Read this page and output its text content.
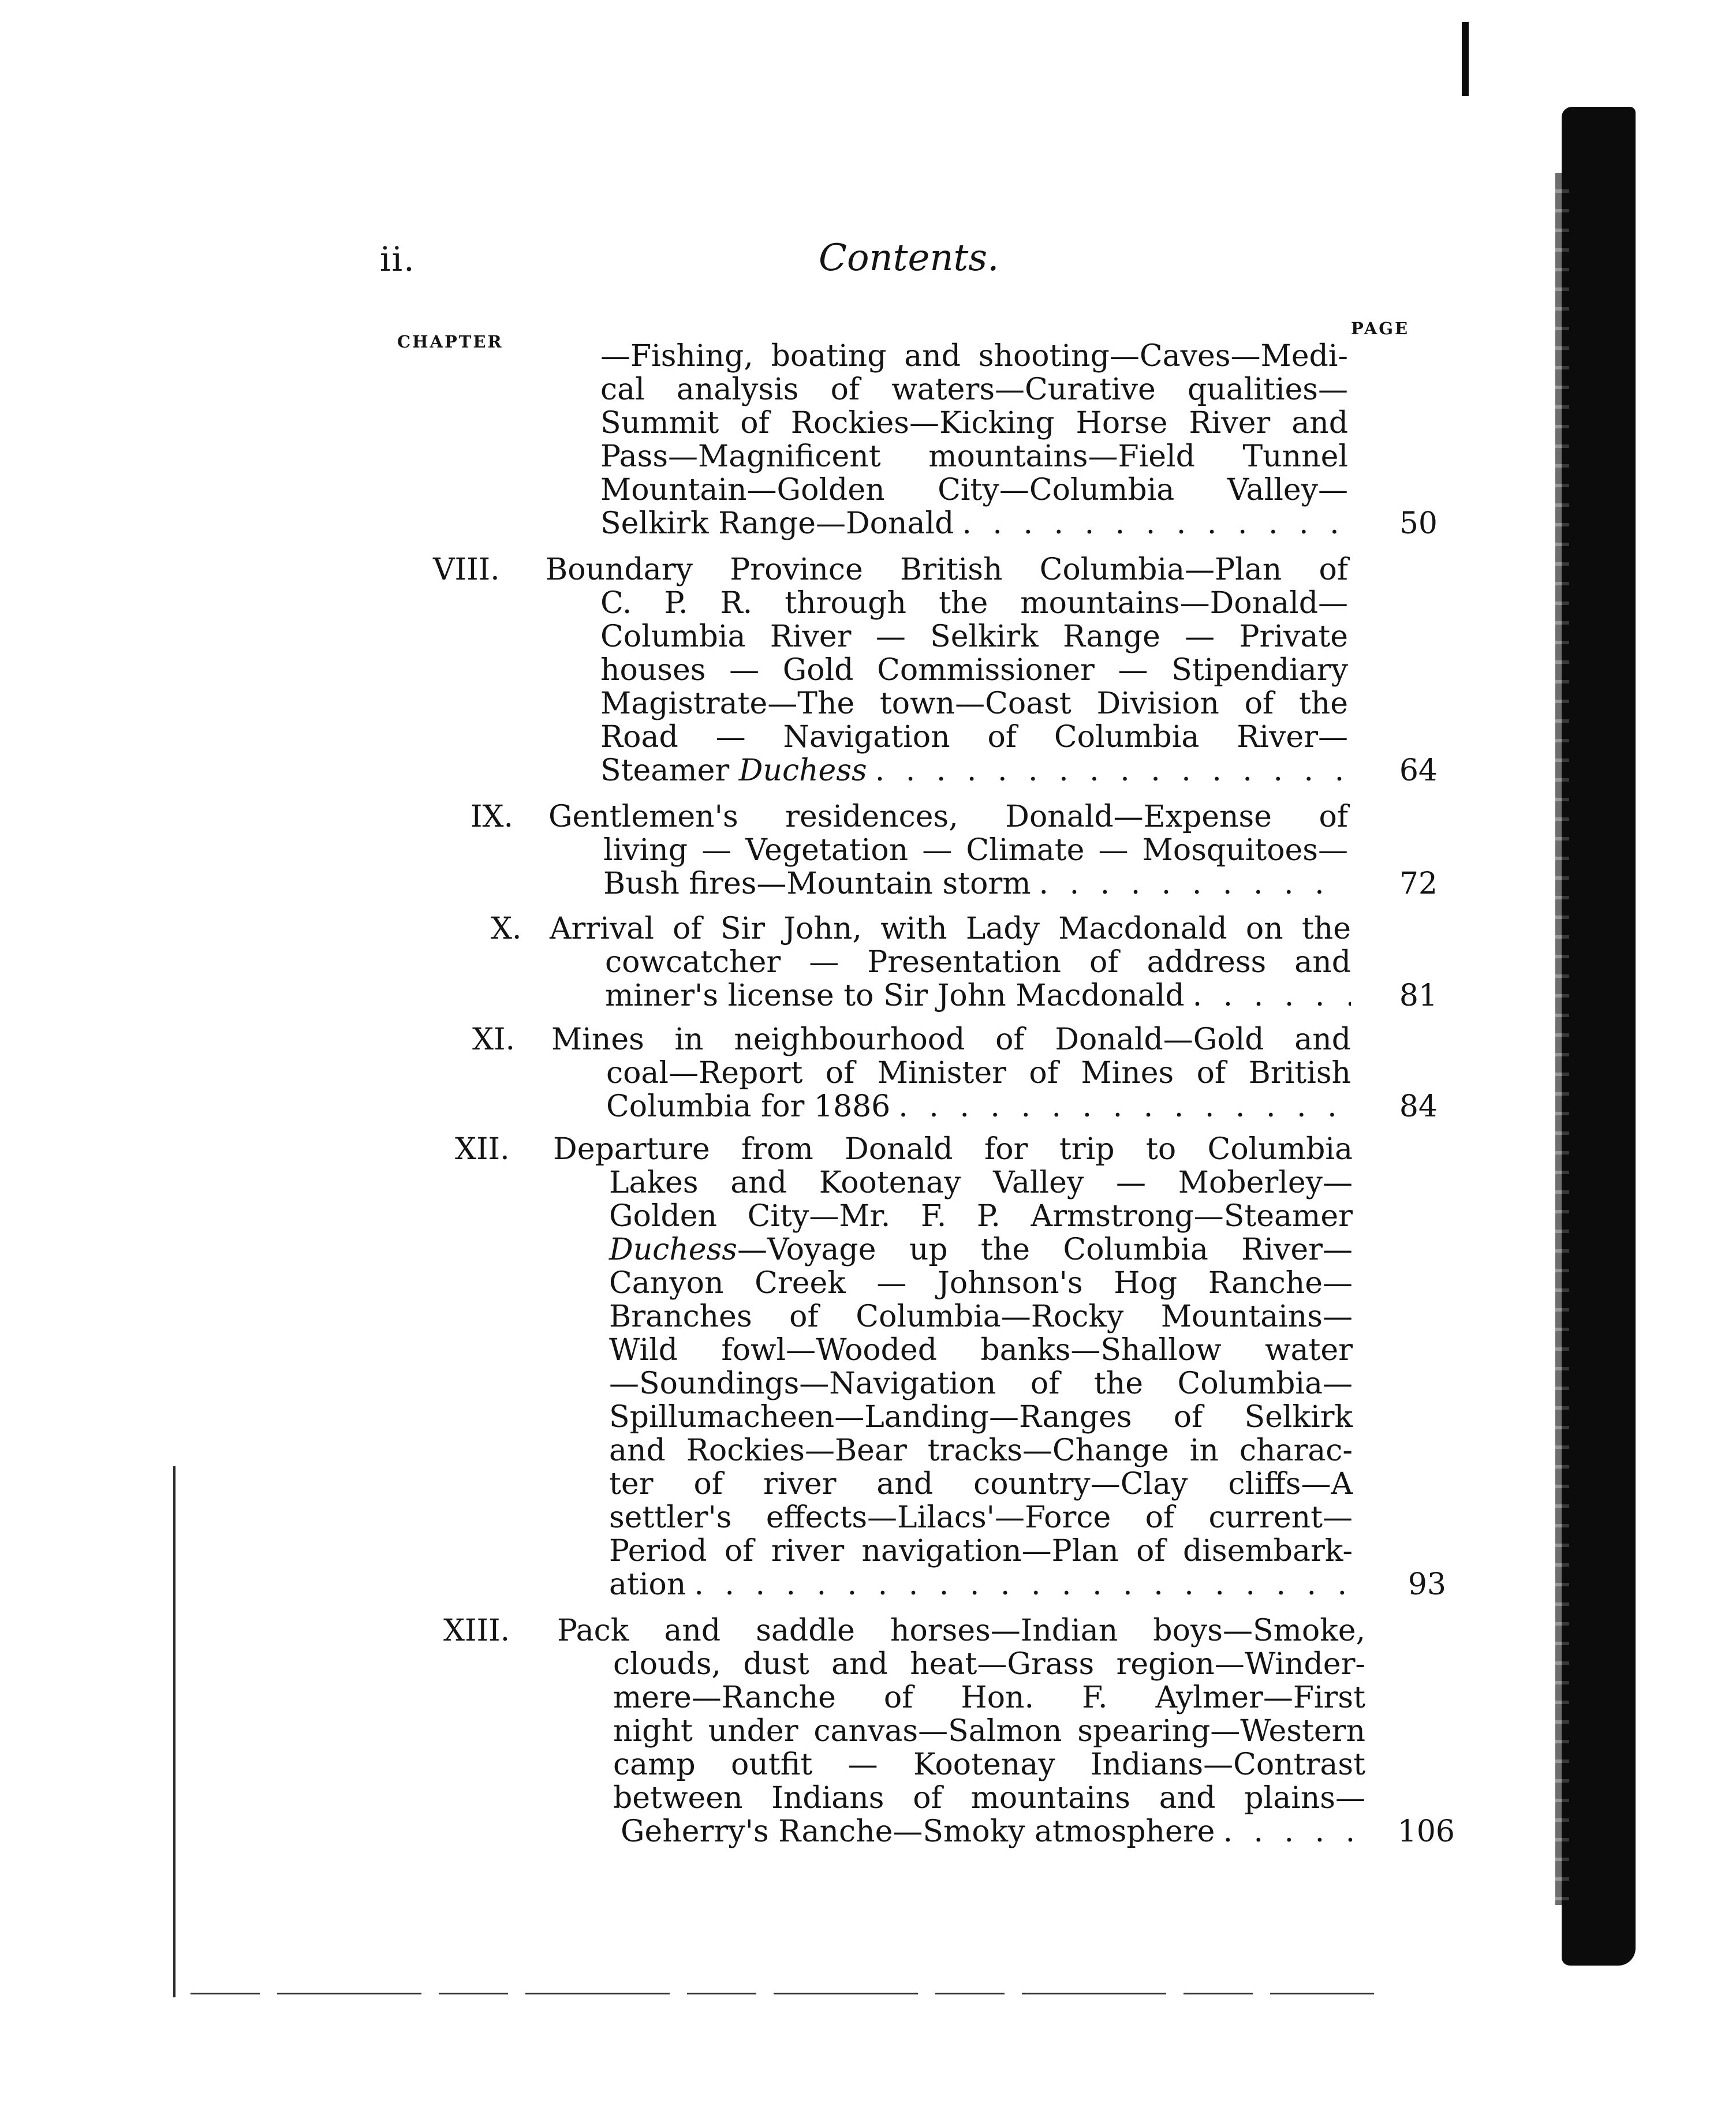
ii.	Contents.
CHAPTER
PAGE
—Fishing, boating and shooting—Caves—Medi-
cal analysis of waters—Curative qualities—
Summit of Rockies—Kicking Horse River and
Pass—Magnificent mountains—Field Tunnel
Mountain—Golden City—Columbia Valley—
Selkirk Range—Donald . . .	50
VIII. Boundary Province British Columbia—Plan of
C. P. R. through the mountains—Donald—
Columbia River — Selkirk Range — Private
houses — Gold Commissioner — Stipendiary
Magistrate—The town—Coast Division of the
Road — Navigation of Columbia River—
Steamer
Duchess . . .	64
IX. Gentlemen's residences, Donald—Expense of
living — Vegetation — Climate — Mosquitoes—
Bush fires—Mountain storm . . .	72
X. Arrival of Sir John, with Lady Macdonald on the
cowcatcher — Presentation of address and
miner's license to Sir John Macdonald . . .	81
XI. Mines in neighbourhood of Donald—Gold and
coal—Report of Minister of Mines of British
Columbia for 1886 . . .	84
XII. Departure from Donald for trip to Columbia
Lakes and Kootenay Valley — Moberley—
Golden City—Mr. F. P. Armstrong—Steamer
Duchess —Voyage up the Columbia River—
Canyon Creek — Johnson's Hog Ranche—
Branches of Columbia—Rocky Mountains—
Wild fowl—Wooded banks—Shallow water
—Soundings—Navigation of the Columbia—
Spillumacheen—Landing—Ranges of Selkirk
and Rockies—Bear tracks—Change in charac-
ter of river and country—Clay cliffs—A
settler's effects—Lilacs'—Force of current—
Period of river navigation—Plan of disembark-
ation . . .	93
XIII. Pack and saddle horses—Indian boys—Smoke,
clouds, dust and heat—Grass region—Winder-
mere—Ranche of Hon. F. Aylmer—First
night under canvas—Salmon spearing—Western
camp outfit — Kootenay Indians—Contrast
between Indians of mountains and plains—
Geherry's Ranche—Smoky atmosphere . . .	106
